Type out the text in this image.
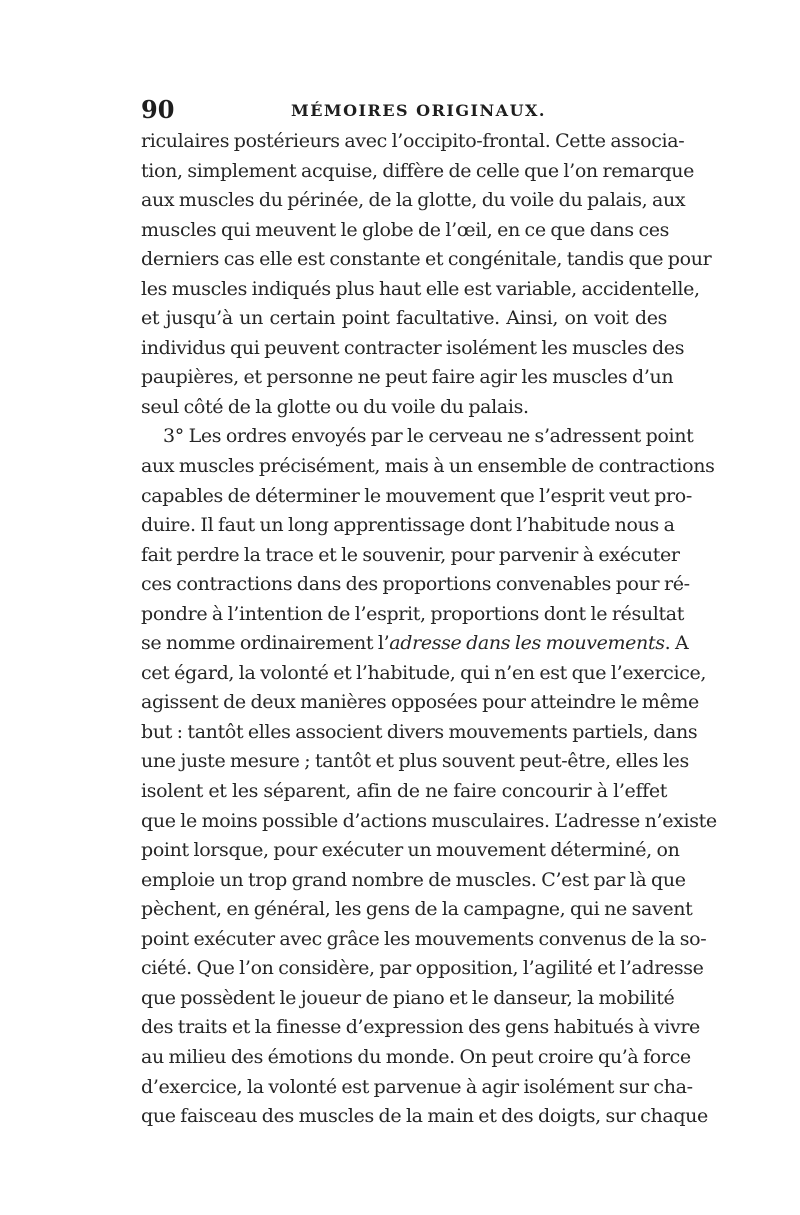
90	MÉMOIRES ORIGINAUX.
riculaires postérieurs avec l’occipito-frontal. Cette associa-
tion, simplement acquise, diffère de celle que l’on remarque
aux muscles du périnée, de la glotte, du voile du palais, aux
muscles qui meuvent le globe de l’œil, en ce que dans ces
derniers cas elle est constante et congénitale, tandis que pour
les muscles indiqués plus haut elle est variable, accidentelle,
et jusqu’à un certain point facultative. Ainsi, on voit des
individus qui peuvent contracter isolément les muscles des
paupières, et personne ne peut faire agir les muscles d’un
seul côté de la glotte ou du voile du palais.
3° Les ordres envoyés par le cerveau ne s’adressent point
aux muscles précisément, mais à un ensemble de contractions
capables de déterminer le mouvement que l’esprit veut pro-
duire. Il faut un long apprentissage dont l’habitude nous a
fait perdre la trace et le souvenir, pour parvenir à exécuter
ces contractions dans des proportions convenables pour ré-
pondre à l’intention de l’esprit, proportions dont le résultat
se nomme ordinairement l’adresse dans les mouvements. A
cet égard, la volonté et l’habitude, qui n’en est que l’exercice,
agissent de deux manières opposées pour atteindre le même
but : tantôt elles associent divers mouvements partiels, dans
une juste mesure ; tantôt et plus souvent peut-être, elles les
isolent et les séparent, afin de ne faire concourir à l’effet
que le moins possible d’actions musculaires. L’adresse n’existe
point lorsque, pour exécuter un mouvement déterminé, on
emploie un trop grand nombre de muscles. C’est par là que
pèchent, en général, les gens de la campagne, qui ne savent
point exécuter avec grâce les mouvements convenus de la so-
ciété. Que l’on considère, par opposition, l’agilité et l’adresse
que possèdent le joueur de piano et le danseur, la mobilité
des traits et la finesse d’expression des gens habitués à vivre
au milieu des émotions du monde. On peut croire qu’à force
d’exercice, la volonté est parvenue à agir isolément sur cha-
que faisceau des muscles de la main et des doigts, sur chaque
